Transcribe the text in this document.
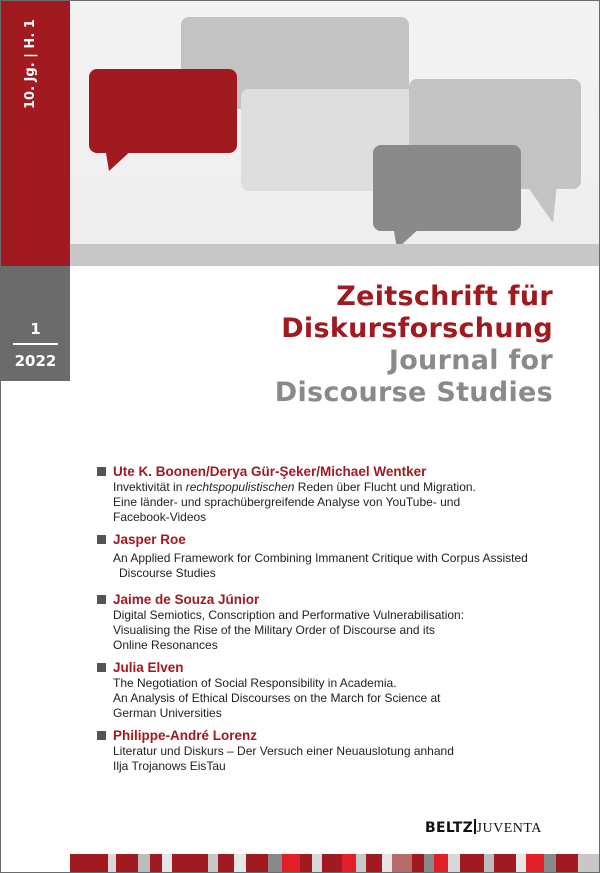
10. Jg. | H. 1
1
2022
Zeitschrift für
Diskursforschung
Journal for
Discourse Studies
Ute K. Boonen/Derya Gür-Şeker/Michael Wentker
Invektivität in rechtspopulistischen Reden über Flucht und Migration.
Eine länder- und sprachübergreifende Analyse von YouTube- und
Facebook-Videos
Jasper Roe
An Applied Framework for Combining Immanent Critique with Corpus Assisted
Discourse Studies
Jaime de Souza Júnior
Digital Semiotics, Conscription and Performative Vulnerabilisation:
Visualising the Rise of the Military Order of Discourse and its
Online Resonances
Julia Elven
The Negotiation of Social Responsibility in Academia.
An Analysis of Ethical Discourses on the March for Science at
German Universities
Philippe-André Lorenz
Literatur und Diskurs – Der Versuch einer Neuauslotung anhand
Ilja Trojanows EisTau
BELTZ JUVENTA
